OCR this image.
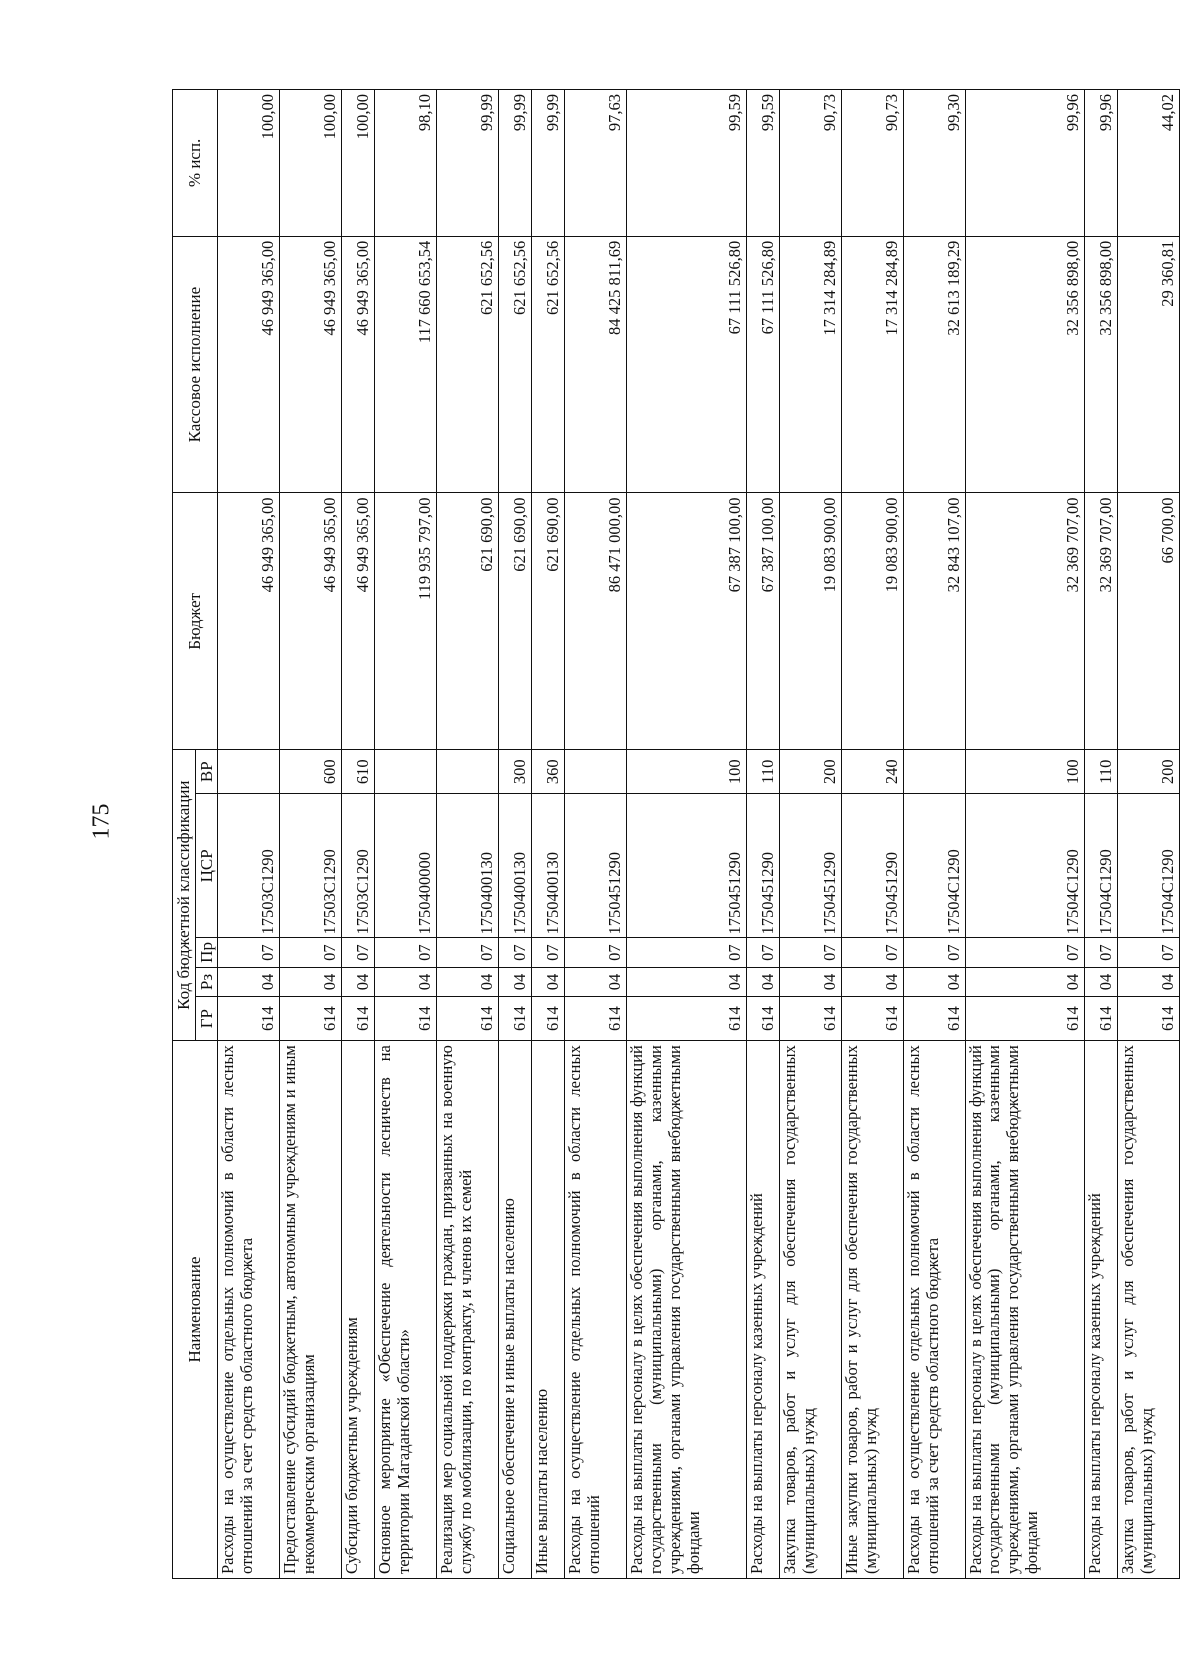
175
Наименование	Код бюджетной классификации					Бюджет	Кассовое исполнение	% исп.
	ГР	Рз	Пр	ЦСР	ВР			
Расходы на осуществление отдельных полномочий в области лесных отношений за счет средств областного бюджета	614	04	07	17503С1290		46 949 365,00	46 949 365,00	100,00
Предоставление субсидий бюджетным, автономным учреждениям и иным некоммерческим организациям	614	04	07	17503С1290	600	46 949 365,00	46 949 365,00	100,00
Субсидии бюджетным учреждениям	614	04	07	17503С1290	610	46 949 365,00	46 949 365,00	100,00
Основное мероприятие «Обеспечение деятельности лесничеств на территории Магаданской области»	614	04	07	1750400000		119 935 797,00	117 660 653,54	98,10
Реализация мер социальной поддержки граждан, призванных на военную службу по мобилизации, по контракту, и членов их семей	614	04	07	1750400130		621 690,00	621 652,56	99,99
Социальное обеспечение и иные выплаты населению	614	04	07	1750400130	300	621 690,00	621 652,56	99,99
Иные выплаты населению	614	04	07	1750400130	360	621 690,00	621 652,56	99,99
Расходы на осуществление отдельных полномочий в области лесных отношений	614	04	07	1750451290		86 471 000,00	84 425 811,69	97,63
Расходы на выплаты персоналу в целях обеспечения выполнения функций государственными (муниципальными) органами, казенными учреждениями, органами управления государственными внебюджетными фондами	614	04	07	1750451290	100	67 387 100,00	67 111 526,80	99,59
Расходы на выплаты персоналу казенных учреждений	614	04	07	1750451290	110	67 387 100,00	67 111 526,80	99,59
Закупка товаров, работ и услуг для обеспечения государственных (муниципальных) нужд	614	04	07	1750451290	200	19 083 900,00	17 314 284,89	90,73
Иные закупки товаров, работ и услуг для обеспечения государственных (муниципальных) нужд	614	04	07	1750451290	240	19 083 900,00	17 314 284,89	90,73
Расходы на осуществление отдельных полномочий в области лесных отношений за счет средств областного бюджета	614	04	07	17504С1290		32 843 107,00	32 613 189,29	99,30
Расходы на выплаты персоналу в целях обеспечения выполнения функций государственными (муниципальными) органами, казенными учреждениями, органами управления государственными внебюджетными фондами	614	04	07	17504С1290	100	32 369 707,00	32 356 898,00	99,96
Расходы на выплаты персоналу казенных учреждений	614	04	07	17504С1290	110	32 369 707,00	32 356 898,00	99,96
Закупка товаров, работ и услуг для обеспечения государственных (муниципальных) нужд	614	04	07	17504С1290	200	66 700,00	29 360,81	44,02
